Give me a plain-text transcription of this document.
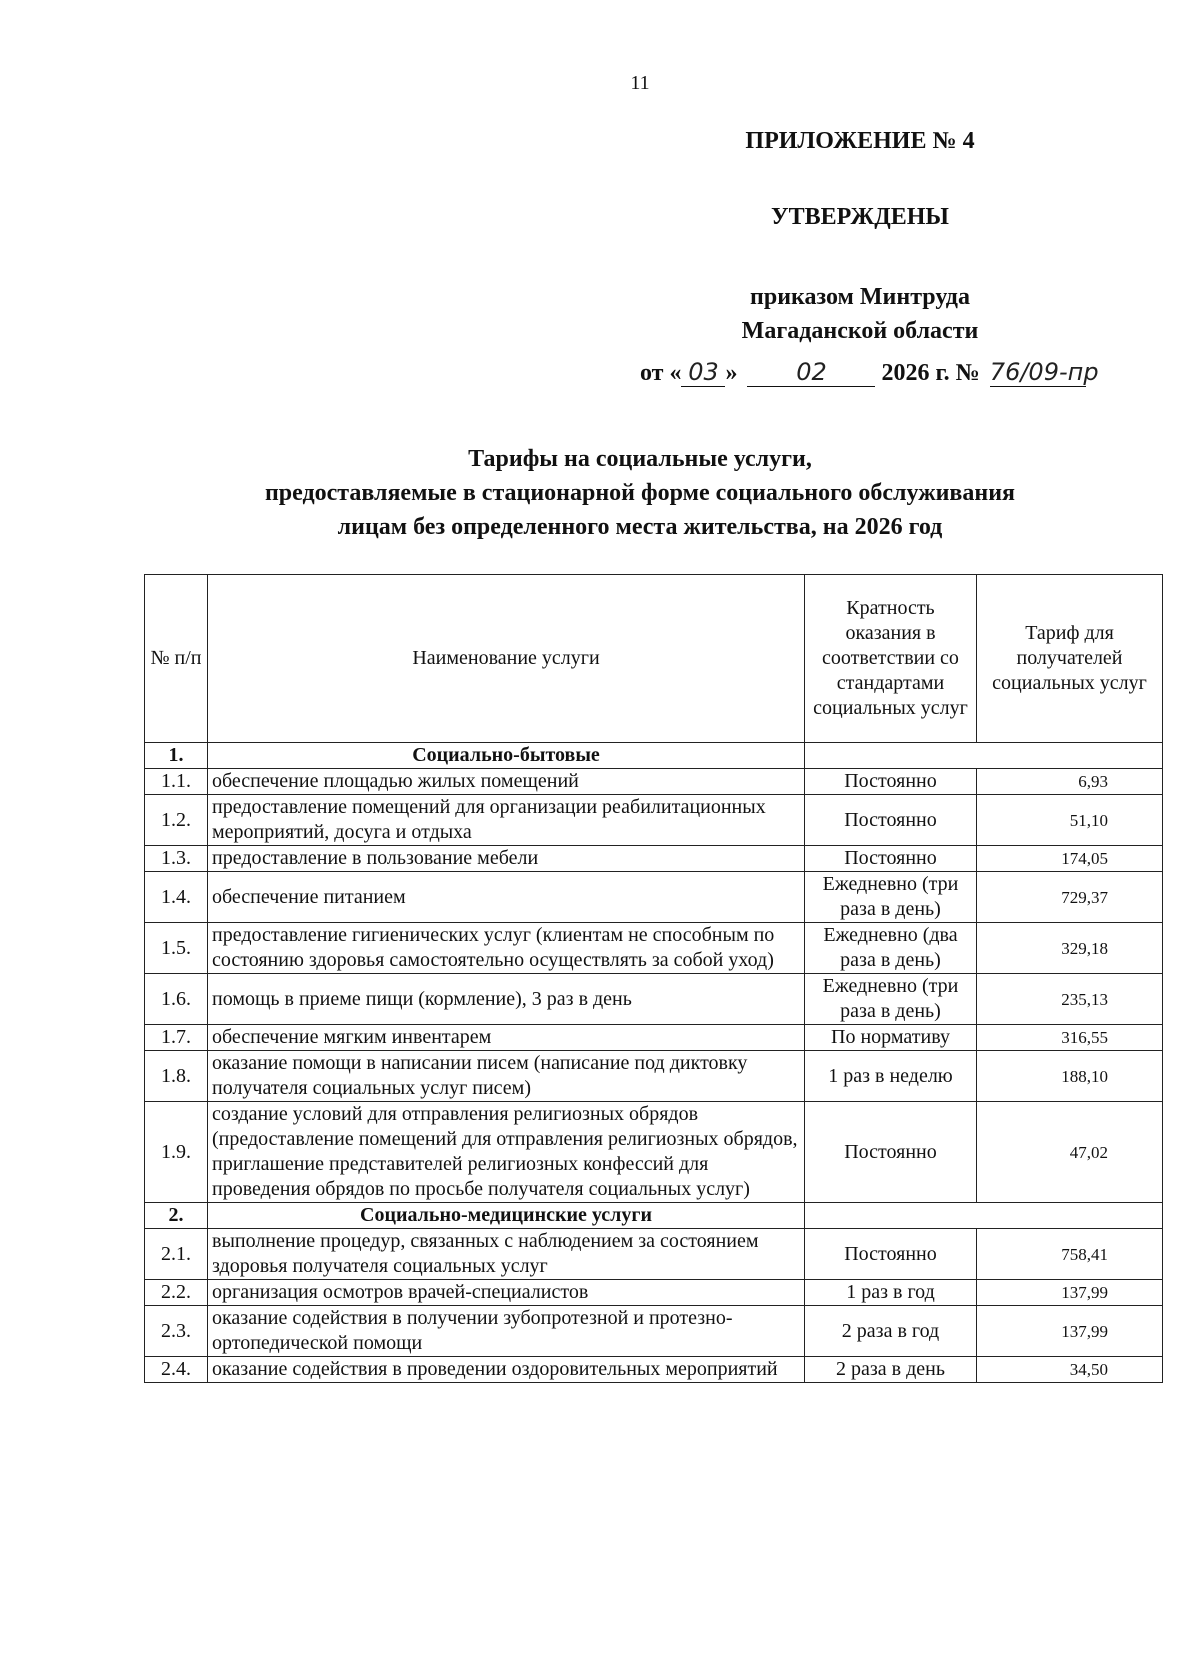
11
ПРИЛОЖЕНИЕ № 4
УТВЕРЖДЕНЫ
приказом Минтруда
Магаданской области
от « 03 » 02 2026 г. № 76/09-пр
Тарифы на социальные услуги,
предоставляемые в стационарной форме социального обслуживания
лицам без определенного места жительства, на 2026 год
№ п/п	Наименование услуги	Кратность оказания в соответствии со стандартами социальных услуг	Тариф для получателей социальных услуг
1.	Социально-бытовые		
1.1.	обеспечение площадью жилых помещений	Постоянно	6,93
1.2.	предоставление помещений для организации реабилитационных мероприятий, досуга и отдыха	Постоянно	51,10
1.3.	предоставление в пользование мебели	Постоянно	174,05
1.4.	обеспечение питанием	Ежедневно (три раза в день)	729,37
1.5.	предоставление гигиенических услуг (клиентам не способным по состоянию здоровья самостоятельно осуществлять за собой уход)	Ежедневно (два раза в день)	329,18
1.6.	помощь в приеме пищи (кормление), 3 раз в день	Ежедневно (три раза в день)	235,13
1.7.	обеспечение мягким инвентарем	По нормативу	316,55
1.8.	оказание помощи в написании писем (написание под диктовку получателя социальных услуг писем)	1 раз в неделю	188,10
1.9.	создание условий для отправления религиозных обрядов (предоставление помещений для отправления религиозных обрядов, приглашение представителей религиозных конфессий для проведения обрядов по просьбе получателя социальных услуг)	Постоянно	47,02
2.	Социально-медицинские услуги		
2.1.	выполнение процедур, связанных с наблюдением за состоянием здоровья получателя социальных услуг	Постоянно	758,41
2.2.	организация осмотров врачей-специалистов	1 раз в год	137,99
2.3.	оказание содействия в получении зубопротезной и протезно-ортопедической помощи	2 раза в год	137,99
2.4.	оказание содействия в проведении оздоровительных мероприятий	2 раза в день	34,50
